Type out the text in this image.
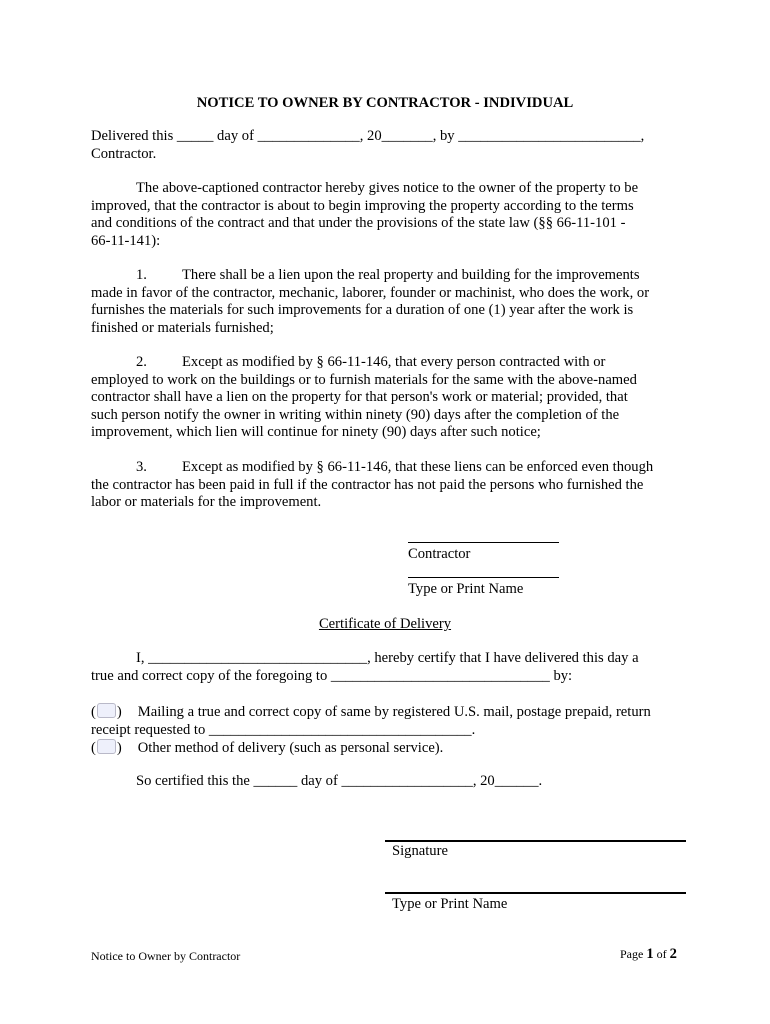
NOTICE TO OWNER BY CONTRACTOR - INDIVIDUAL
Delivered this _____ day of ______________, 20_______, by _________________________,
Contractor.
The above-captioned contractor hereby gives notice to the owner of the property to be
improved, that the contractor is about to begin improving the property according to the terms
and conditions of the contract and that under the provisions of the state law (§§ 66-11-101 -
66-11-141):
1. There shall be a lien upon the real property and building for the improvements
made in favor of the contractor, mechanic, laborer, founder or machinist, who does the work, or
furnishes the materials for such improvements for a duration of one (1) year after the work is
finished or materials furnished;
2. Except as modified by § 66-11-146, that every person contracted with or
employed to work on the buildings or to furnish materials for the same with the above-named
contractor shall have a lien on the property for that person's work or material; provided, that
such person notify the owner in writing within ninety (90) days after the completion of the
improvement, which lien will continue for ninety (90) days after such notice;
3. Except as modified by § 66-11-146, that these liens can be enforced even though
the contractor has been paid in full if the contractor has not paid the persons who furnished the
labor or materials for the improvement.
Contractor
Type or Print Name
Certificate of Delivery
I, ______________________________, hereby certify that I have delivered this day a
true and correct copy of the foregoing to ______________________________ by:
( ) Mailing a true and correct copy of same by registered U.S. mail, postage prepaid, return
receipt requested to ____________________________________.
( ) Other method of delivery (such as personal service).
So certified this the ______ day of __________________, 20______.
Signature
Type or Print Name
Notice to Owner by Contractor	Page 1 of 2
